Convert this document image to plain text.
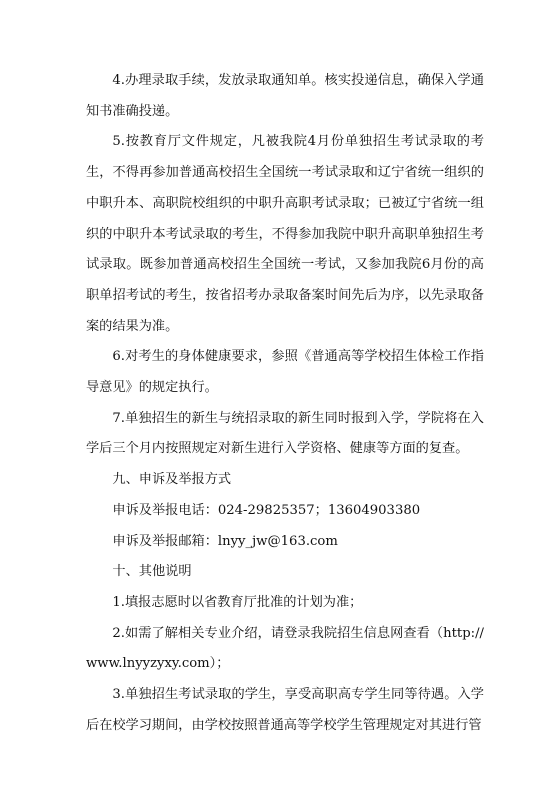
4.办理录取手续，发放录取通知单。核实投递信息，确保入学通知书准确投递。

5.按教育厅文件规定，凡被我院4月份单独招生考试录取的考生，不得再参加普通高校招生全国统一考试录取和辽宁省统一组织的中职升本、高职院校组织的中职升高职考试录取；已被辽宁省统一组织的中职升本考试录取的考生，不得参加我院中职升高职单独招生考试录取。既参加普通高校招生全国统一考试，又参加我院6月份的高职单招考试的考生，按省招考办录取备案时间先后为序，以先录取备案的结果为准。

6.对考生的身体健康要求，参照《普通高等学校招生体检工作指导意见》的规定执行。

7.单独招生的新生与统招录取的新生同时报到入学，学院将在入学后三个月内按照规定对新生进行入学资格、健康等方面的复查。

九、申诉及举报方式

申诉及举报电话：024-29825357；13604903380

申诉及举报邮箱：lnyy_jw@163.com

十、其他说明

1.填报志愿时以省教育厅批准的计划为准；

2.如需了解相关专业介绍，请登录我院招生信息网查看（http://www.lnyyzyxy.com）；

3.单独招生考试录取的学生，享受高职高专学生同等待遇。入学后在校学习期间，由学校按照普通高等学校学生管理规定对其进行管
